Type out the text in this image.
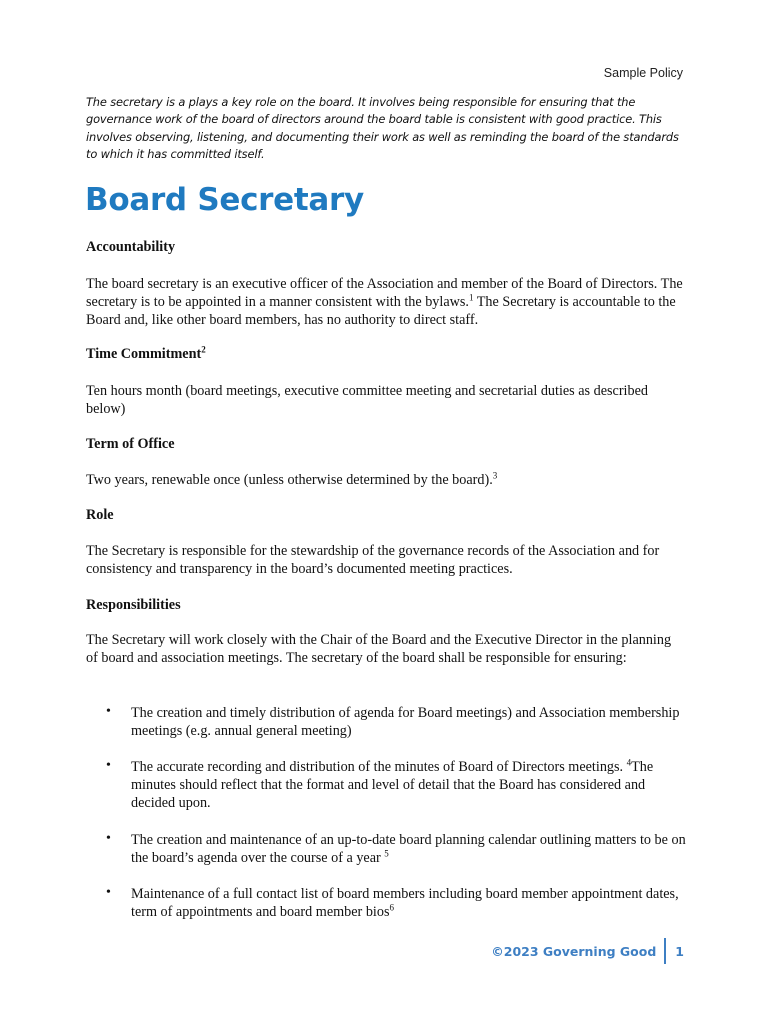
Sample Policy
The secretary is a plays a key role on the board. It involves being responsible for ensuring that the governance work of the board of directors around the board table is consistent with good practice. This involves observing, listening, and documenting their work as well as reminding the board of the standards to which it has committed itself.
Board Secretary
Accountability
The board secretary is an executive officer of the Association and member of the Board of Directors. The secretary is to be appointed in a manner consistent with the bylaws.$^1$ The Secretary is accountable to the Board and, like other board members, has no authority to direct staff.
Time Commitment$^2$
Ten hours month (board meetings, executive committee meeting and secretarial duties as described below)
Term of Office
Two years, renewable once (unless otherwise determined by the board).$^3$
Role
The Secretary is responsible for the stewardship of the governance records of the Association and for consistency and transparency in the board’s documented meeting practices.
Responsibilities
The Secretary will work closely with the Chair of the Board and the Executive Director in the planning of board and association meetings. The secretary of the board shall be responsible for ensuring:
• The creation and timely distribution of agenda for Board meetings) and Association membership meetings (e.g. annual general meeting)
• The accurate recording and distribution of the minutes of Board of Directors meetings. $^4$The minutes should reflect that the format and level of detail that the Board has considered and decided upon.
• The creation and maintenance of an up-to-date board planning calendar outlining matters to be on the board’s agenda over the course of a year $^5$
• Maintenance of a full contact list of board members including board member appointment dates, term of appointments and board member bios$^6$
©2023 Governing Good 1
